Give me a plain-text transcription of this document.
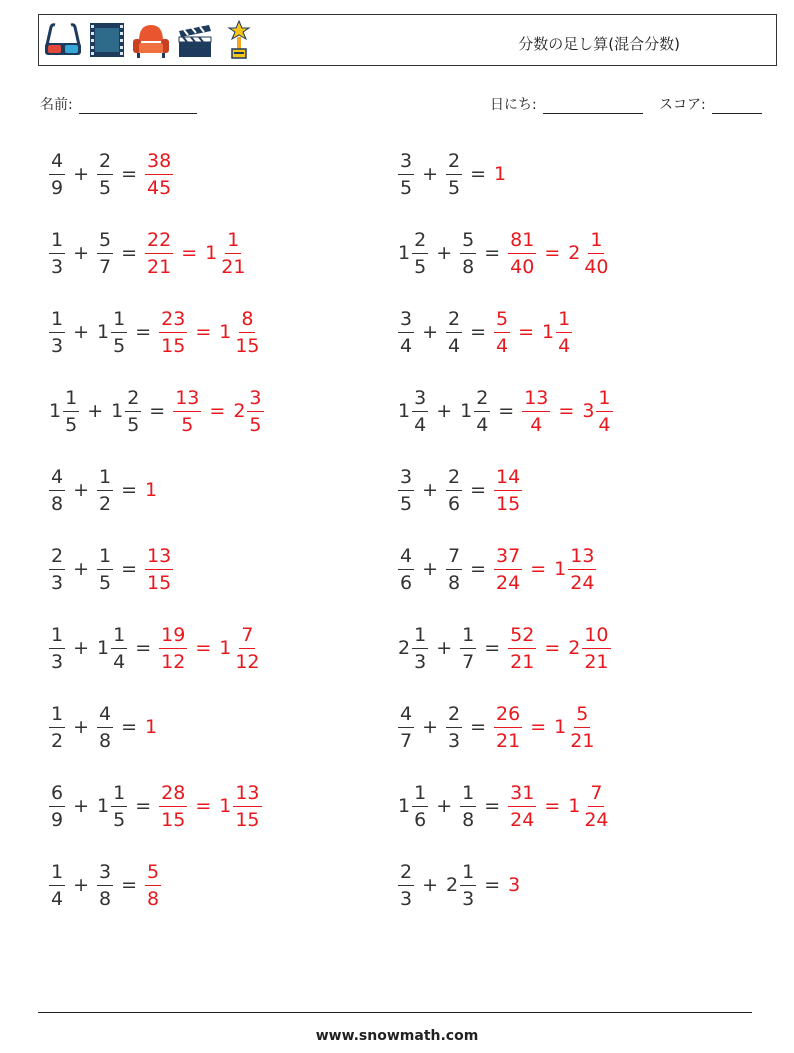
分数の足し算(混合分数)
名前:	日にち:	スコア:
$\frac{4}{9} + \frac{2}{5} = \frac{38}{45}$
$\frac{1}{3} + \frac{5}{7} = \frac{22}{21} = 1 \frac{1}{21}$
$\frac{1}{3} + 1 \frac{1}{5} = \frac{23}{15} = 1 \frac{8}{15}$
$1 \frac{1}{5} + 1 \frac{2}{5} = \frac{13}{5} = 2 \frac{3}{5}$
$\frac{4}{8} + \frac{1}{2} = 1$
$\frac{2}{3} + \frac{1}{5} = \frac{13}{15}$
$\frac{1}{3} + 1 \frac{1}{4} = \frac{19}{12} = 1 \frac{7}{12}$
$\frac{1}{2} + \frac{4}{8} = 1$
$\frac{6}{9} + 1 \frac{1}{5} = \frac{28}{15} = 1 \frac{13}{15}$
$\frac{1}{4} + \frac{3}{8} = \frac{5}{8}$
$\frac{3}{5} + \frac{2}{5} = 1$
$1 \frac{2}{5} + \frac{5}{8} = \frac{81}{40} = 2 \frac{1}{40}$
$\frac{3}{4} + \frac{2}{4} = \frac{5}{4} = 1 \frac{1}{4}$
$1 \frac{3}{4} + 1 \frac{2}{4} = \frac{13}{4} = 3 \frac{1}{4}$
$\frac{3}{5} + \frac{2}{6} = \frac{14}{15}$
$\frac{4}{6} + \frac{7}{8} = \frac{37}{24} = 1 \frac{13}{24}$
$2 \frac{1}{3} + \frac{1}{7} = \frac{52}{21} = 2 \frac{10}{21}$
$\frac{4}{7} + \frac{2}{3} = \frac{26}{21} = 1 \frac{5}{21}$
$1 \frac{1}{6} + \frac{1}{8} = \frac{31}{24} = 1 \frac{7}{24}$
$\frac{2}{3} + 2 \frac{1}{3} = 3$
www.snowmath.com
